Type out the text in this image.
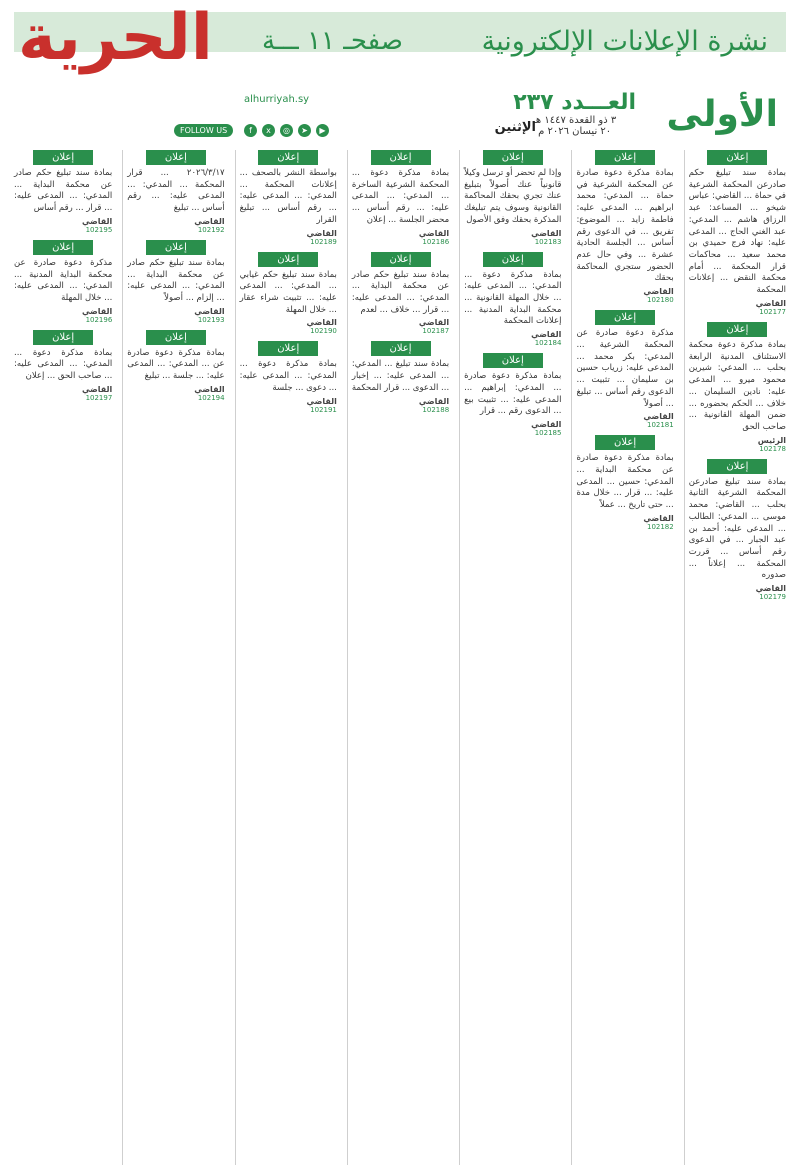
نشرة الإعلانات الإلكترونية
صفحـ ١١ ـــة
الحرية
الأولى
العـــدد ٢٣٧
٣ ذو القعدة ١٤٤٧ هـ
٢٠ نيسان ٢٠٢٦ م
الإثنين
alhurriyah.sy
f	x	◎	➤	▶
FOLLOW US
إعلان
بمادة سند تبليغ حكم صادرعن المحكمة الشرعية في حماة ... القاضي: عباس شيخو ... المساعد: عبد الرزاق هاشم ... المدعي: عبد الغني الحاج ... المدعى عليه: نهاد فرج حميدي بن محمد سعيد ... محاكمات قرار المحكمة ... أمام محكمة النقض ... إعلانات المحكمة
القاضي
102177
إعلان
بمادة مذكرة دعوة محكمة الاستئناف المدنية الرابعة بحلب ... المدعي: شيرين محمود ميرو ... المدعى عليه: نادين السليمان ... خلاف ... الحكم بحضوره ... ضمن المهلة القانونية ... صاحب الحق
الرئيس
102178
إعلان
بمادة سند تبليغ صادرعن المحكمة الشرعية الثانية بحلب ... القاضي: محمد موسى ... المدعي: الطالب ... المدعى عليه: أحمد بن عبد الجبار ... في الدعوى رقم أساس ... قررت المحكمة ... إعلاناً ... صدوره
القاضي
102179
إعلان
بمادة مذكرة دعوة صادرة عن المحكمة الشرعية في حماة ... المدعي: محمد ابراهيم ... المدعى عليه: فاطمة زايد ... الموضوع: تفريق ... في الدعوى رقم أساس ... الجلسة الحادية عشرة ... وفي حال عدم الحضور ستجري المحاكمة بحقك
القاضي
102180
إعلان
مذكرة دعوة صادرة عن المحكمة الشرعية ... المدعي: بكر محمد ... المدعى عليه: زرياب حسين بن سليمان ... تثبيت ... الدعوى رقم أساس ... تبليغ ... أصولاً
القاضي
102181
إعلان
بمادة مذكرة دعوة صادرة عن محكمة البداية ... المدعي: حسين ... المدعى عليه: ... قرار ... خلال مدة ... حتى تاريخ ... عملاً
القاضي
102182
إعلان
وإذا لم تحضر أو ترسل وكيلاً قانونياً عنك أصولاً بتبليغ عنك تجري بحقك المحاكمة القانونية وسوف يتم تبليغك المذكرة بحقك وفق الأصول
القاضي
102183
إعلان
بمادة مذكرة دعوة ... المدعي: ... المدعى عليه: ... خلال المهلة القانونية ... محكمة البداية المدنية ... إعلانات المحكمة
القاضي
102184
إعلان
بمادة مذكرة دعوة صادرة ... المدعي: إبراهيم ... المدعى عليه: ... تثبيت بيع ... الدعوى رقم ... قرار
القاضي
102185
إعلان
بمادة مذكرة دعوة ... المحكمة الشرعية الساخرة ... المدعي: ... المدعى عليه: ... رقم أساس ... محضر الجلسة ... إعلان
القاضي
102186
إعلان
بمادة سند تبليغ حكم صادر عن محكمة البداية ... المدعي: ... المدعى عليه: ... قرار ... خلاف ... لعدم
القاضي
102187
إعلان
بمادة سند تبليغ ... المدعي: ... المدعى عليه: ... إخبار ... الدعوى ... قرار المحكمة
القاضي
102188
إعلان
بواسطة النشر بالصحف ... إعلانات المحكمة ... المدعي: ... المدعى عليه: ... رقم أساس ... تبليغ القرار
القاضي
102189
إعلان
بمادة سند تبليغ حكم غيابي ... المدعي: ... المدعى عليه: ... تثبيت شراء عقار ... خلال المهلة
القاضي
102190
إعلان
بمادة مذكرة دعوة ... المدعي: ... المدعى عليه: ... دعوى ... جلسة
القاضي
102191
إعلان
٢٠٢٦/٣/١٧ ... قرار المحكمة ... المدعي: ... المدعى عليه: ... رقم أساس ... تبليغ
القاضي
102192
إعلان
بمادة سند تبليغ حكم صادر عن محكمة البداية ... المدعي: ... المدعى عليه: ... إلزام ... أصولاً
القاضي
102193
إعلان
بمادة مذكرة دعوة صادرة عن ... المدعي: ... المدعى عليه: ... جلسة ... تبليغ
القاضي
102194
إعلان
بمادة سند تبليغ حكم صادر عن محكمة البداية ... المدعي: ... المدعى عليه: ... قرار ... رقم أساس
القاضي
102195
إعلان
مذكرة دعوة صادرة عن محكمة البداية المدنية ... المدعي: ... المدعى عليه: ... خلال المهلة
القاضي
102196
إعلان
بمادة مذكرة دعوة ... المدعي: ... المدعى عليه: ... صاحب الحق ... إعلان
القاضي
102197
